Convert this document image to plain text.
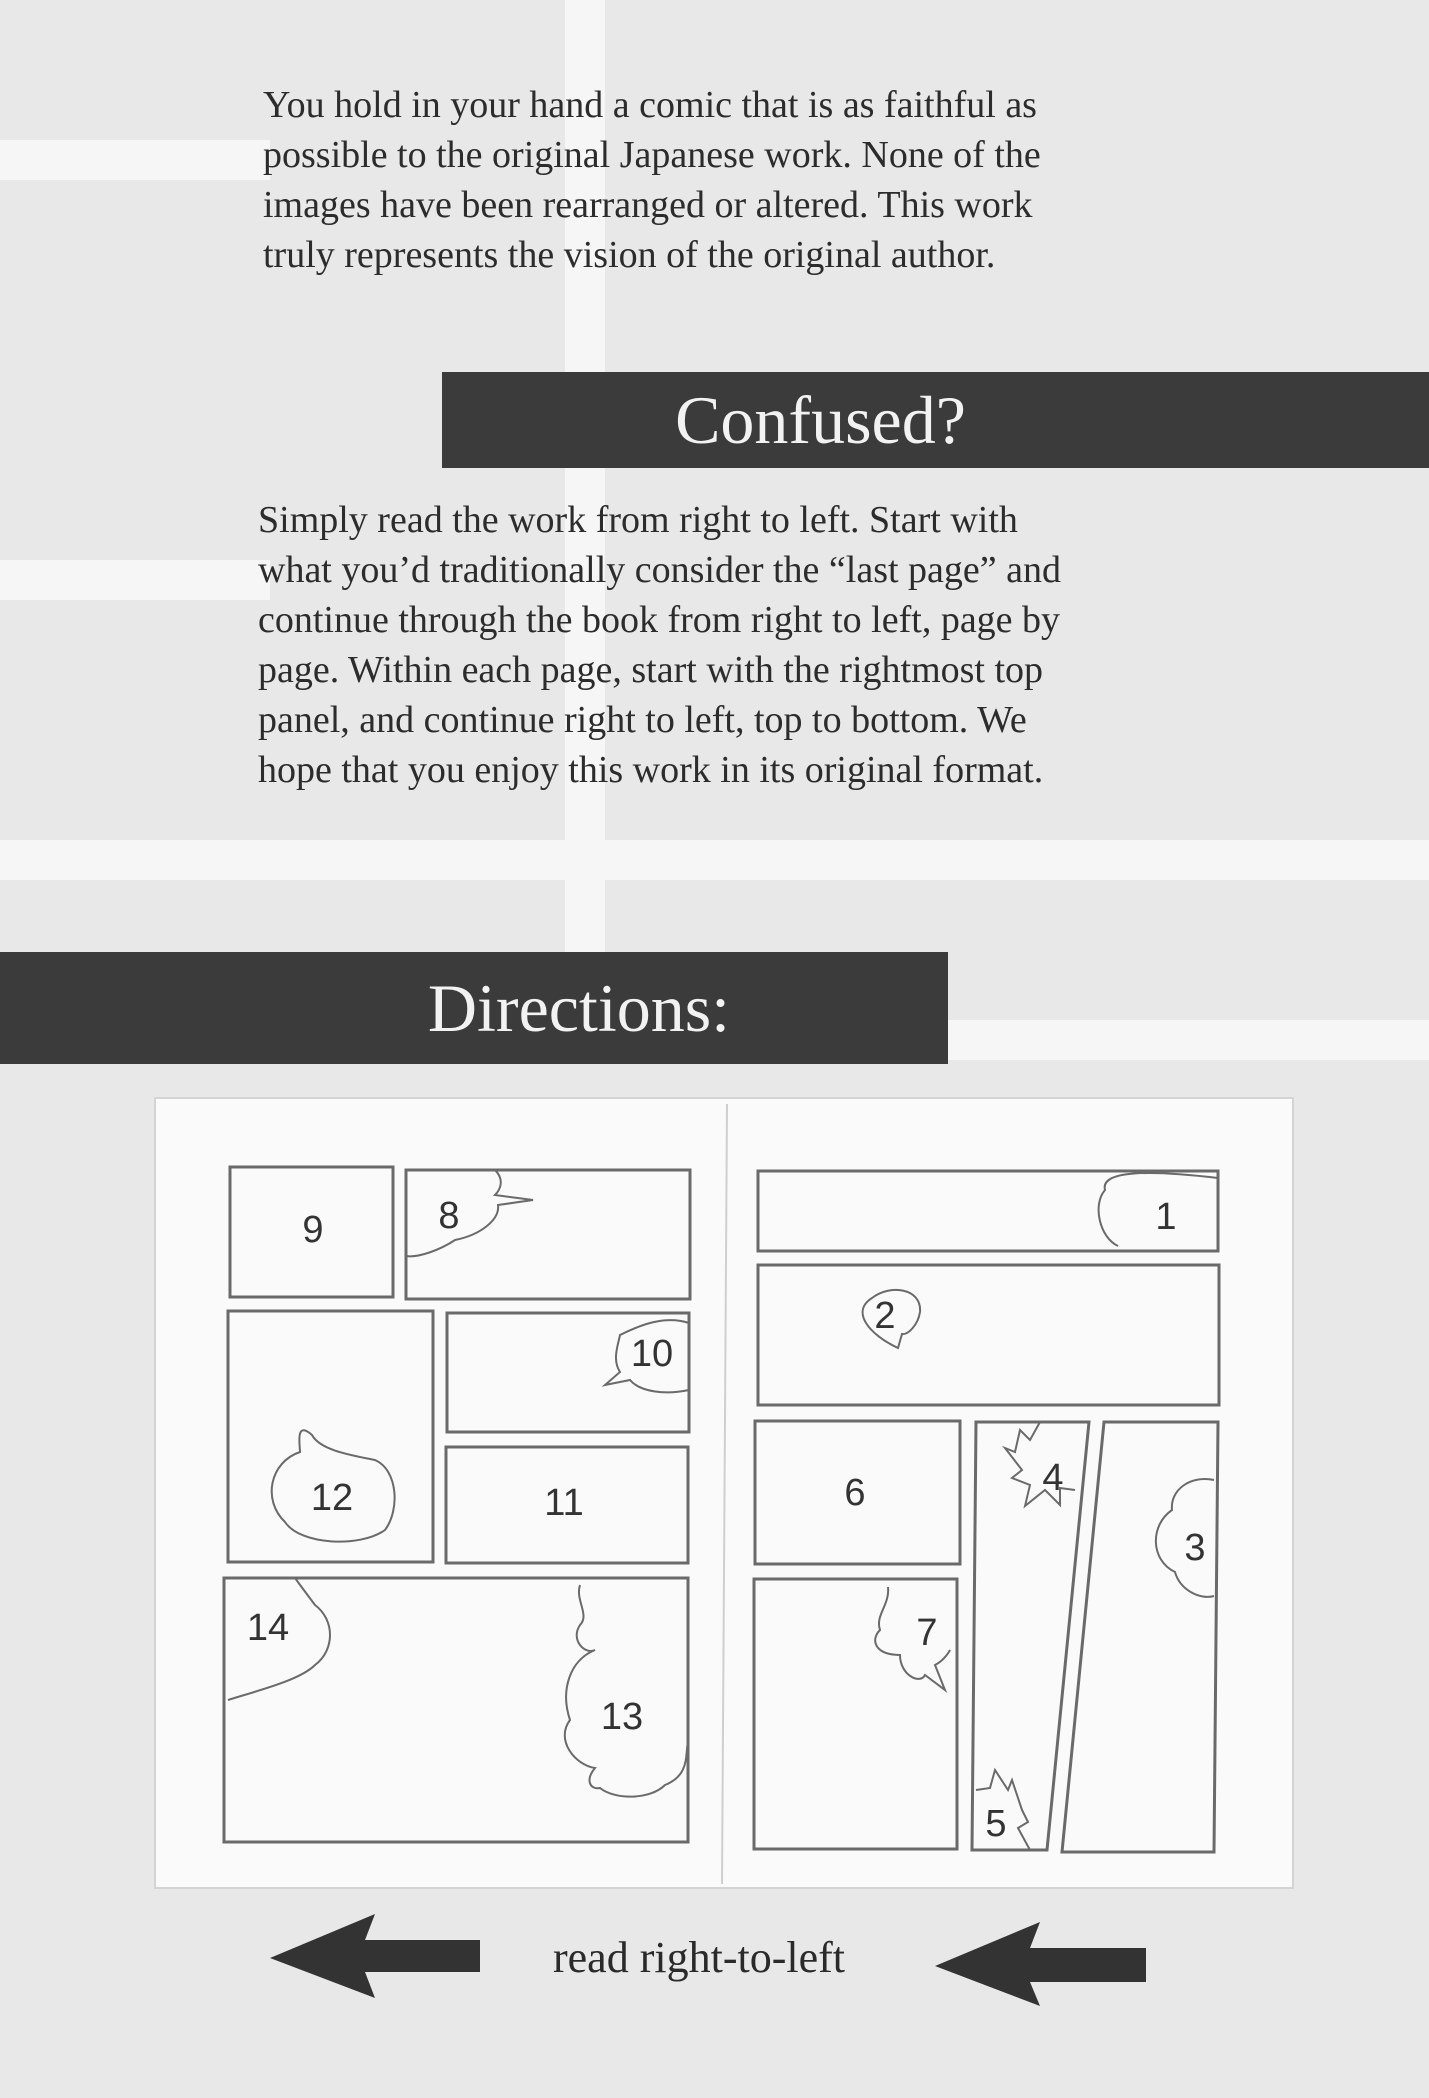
You hold in your hand a comic that is as faithful as
possible to the original Japanese work. None of the
images have been rearranged or altered. This work
truly represents the vision of the original author.
Confused?
Simply read the work from right to left. Start with
what you’d traditionally consider the “last page” and
continue through the book from right to left, page by
page. Within each page, start with the rightmost top
panel, and continue right to left, top to bottom. We
hope that you enjoy this work in its original format.
Directions:
1
2
3
4
5
6
7
8
9
10
11
12
13
14
read right-to-left
